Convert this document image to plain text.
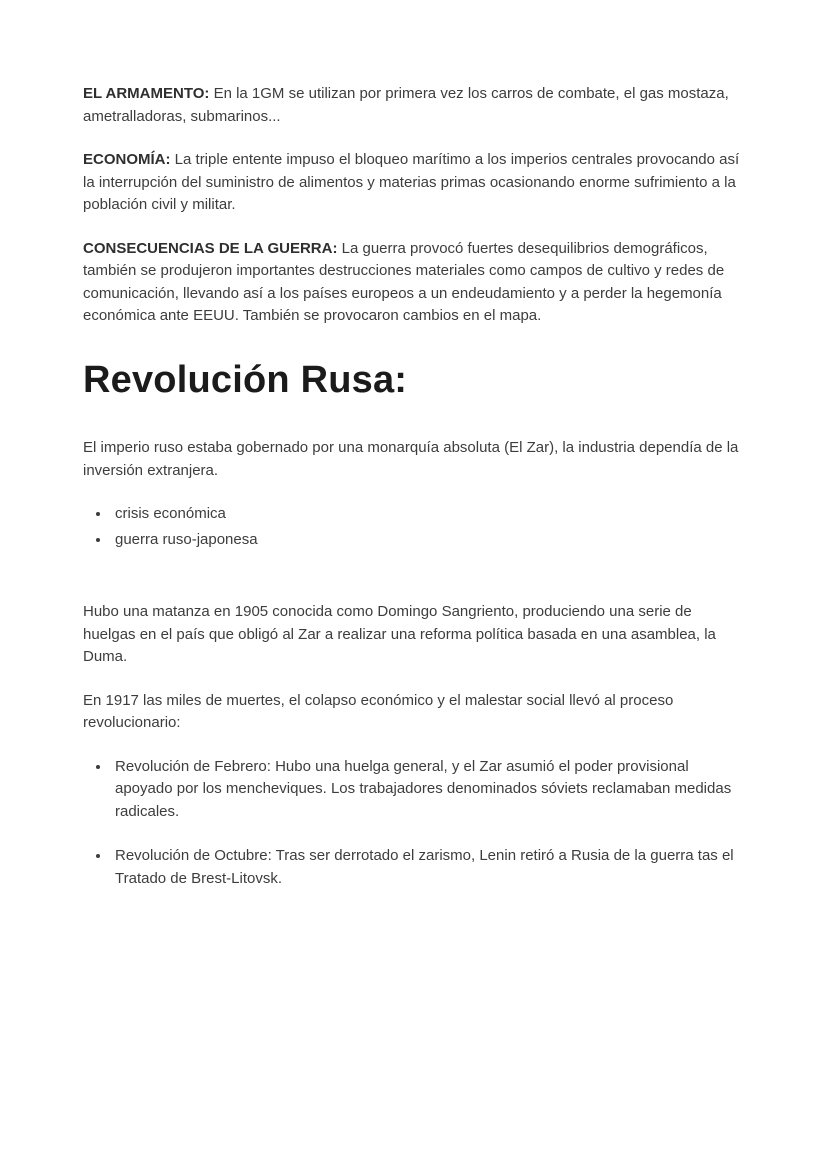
EL ARMAMENTO: En la 1GM se utilizan por primera vez los carros de combate, el gas mostaza, ametralladoras, submarinos...

ECONOMÍA: La triple entente impuso el bloqueo marítimo a los imperios centrales provocando así la interrupción del suministro de alimentos y materias primas ocasionando enorme sufrimiento a la población civil y militar.

CONSECUENCIAS DE LA GUERRA: La guerra provocó fuertes desequilibrios demográficos, también se produjeron importantes destrucciones materiales como campos de cultivo y redes de comunicación, llevando así a los países europeos a un endeudamiento y a perder la hegemonía económica ante EEUU. También se provocaron cambios en el mapa.

Revolución Rusa:

El imperio ruso estaba gobernado por una monarquía absoluta (El Zar), la industria dependía de la inversión extranjera.

• crisis económica
• guerra ruso-japonesa

Hubo una matanza en 1905 conocida como Domingo Sangriento, produciendo una serie de huelgas en el país que obligó al Zar a realizar una reforma política basada en una asamblea, la Duma.

En 1917 las miles de muertes, el colapso económico y el malestar social llevó al proceso revolucionario:

• Revolución de Febrero: Hubo una huelga general, y el Zar asumió el poder provisional apoyado por los mencheviques. Los trabajadores denominados sóviets reclamaban medidas radicales.
• Revolución de Octubre: Tras ser derrotado el zarismo, Lenin retiró a Rusia de la guerra tas el Tratado de Brest-Litovsk.
